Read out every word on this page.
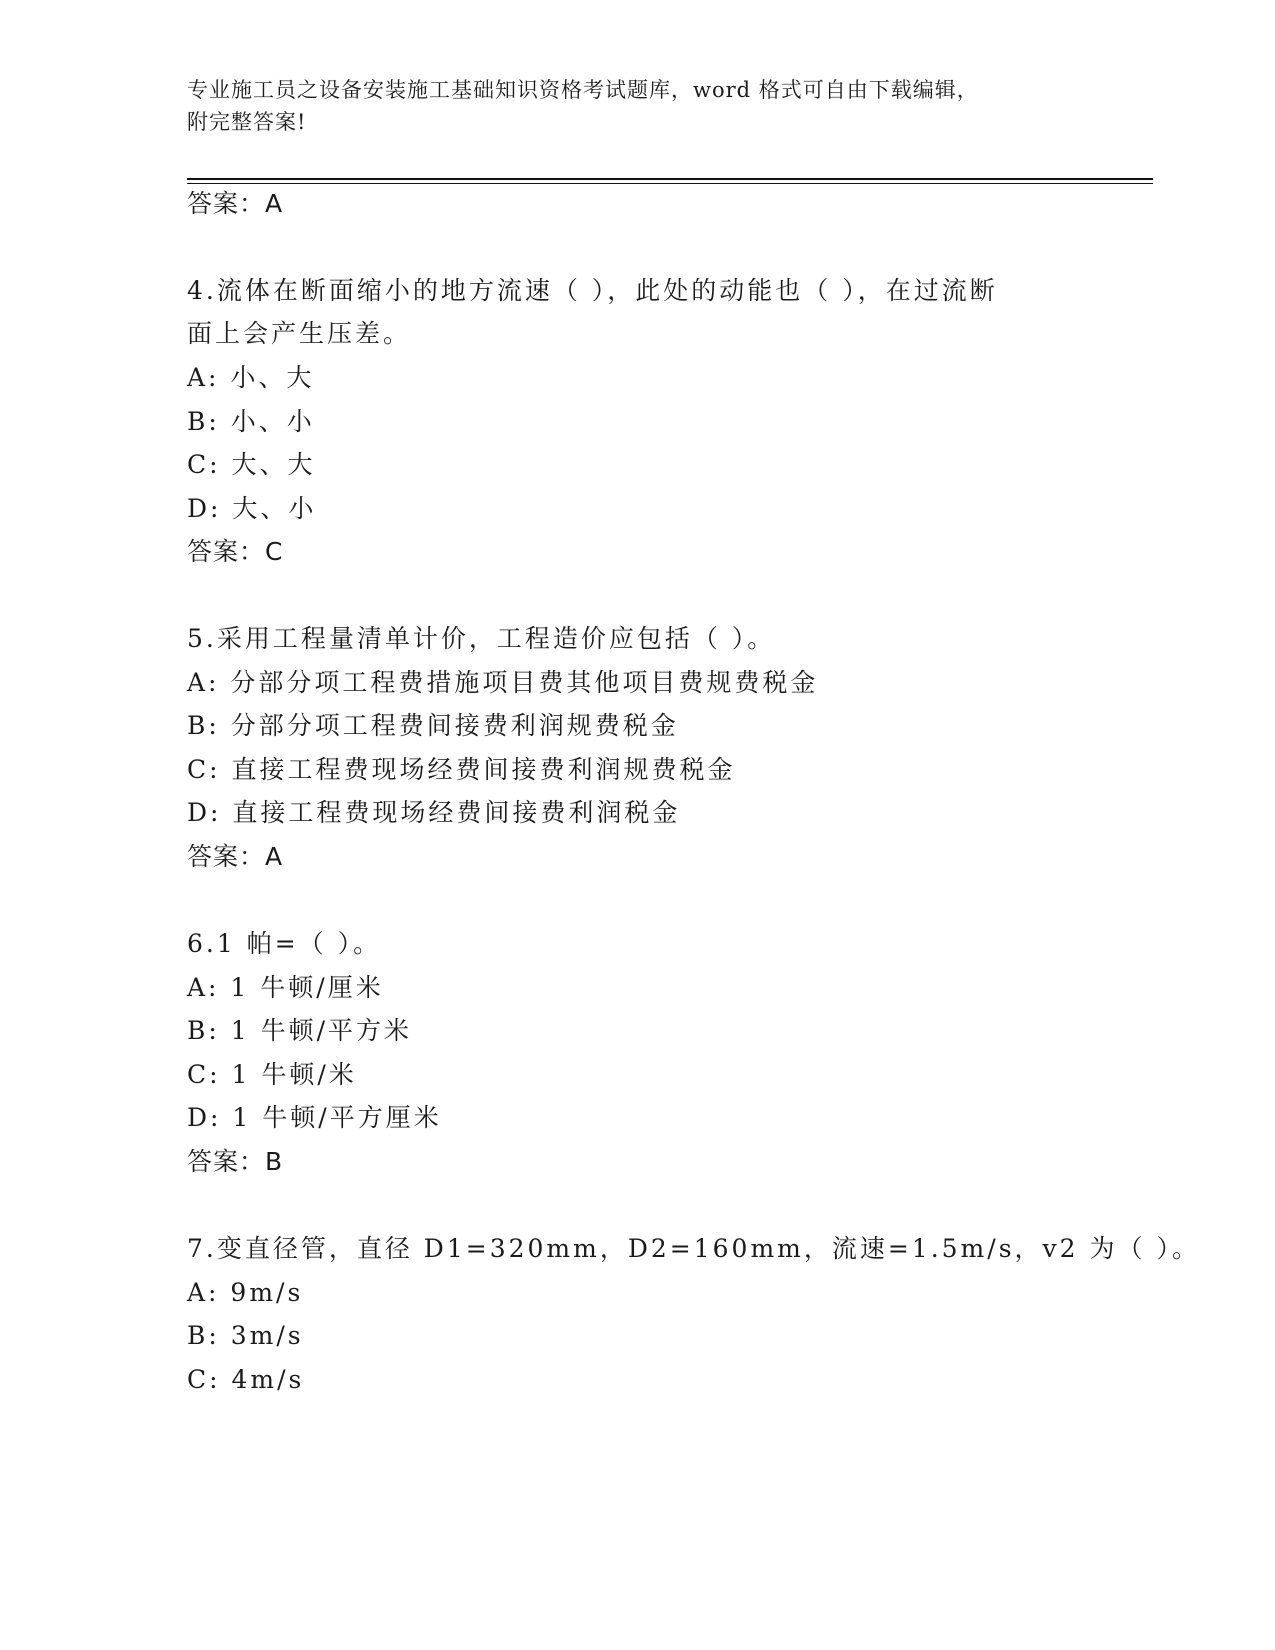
专业施工员之设备安装施工基础知识资格考试题库，word 格式可自由下载编辑，
附完整答案!
答案：A
4.流体在断面缩小的地方流速（ ），此处的动能也（ ），在过流断
面上会产生压差。
A: 小、大
B: 小、小
C: 大、大
D: 大、小
答案：C
5.采用工程量清单计价，工程造价应包括（ ）。
A: 分部分项工程费措施项目费其他项目费规费税金
B: 分部分项工程费间接费利润规费税金
C: 直接工程费现场经费间接费利润规费税金
D: 直接工程费现场经费间接费利润税金
答案：A
6.1 帕=（ ）。
A: 1 牛顿/厘米
B: 1 牛顿/平方米
C: 1 牛顿/米
D: 1 牛顿/平方厘米
答案：B
7.变直径管，直径 D1=320mm，D2=160mm，流速=1.5m/s，v2 为（ ）。
A: 9m/s
B: 3m/s
C: 4m/s
